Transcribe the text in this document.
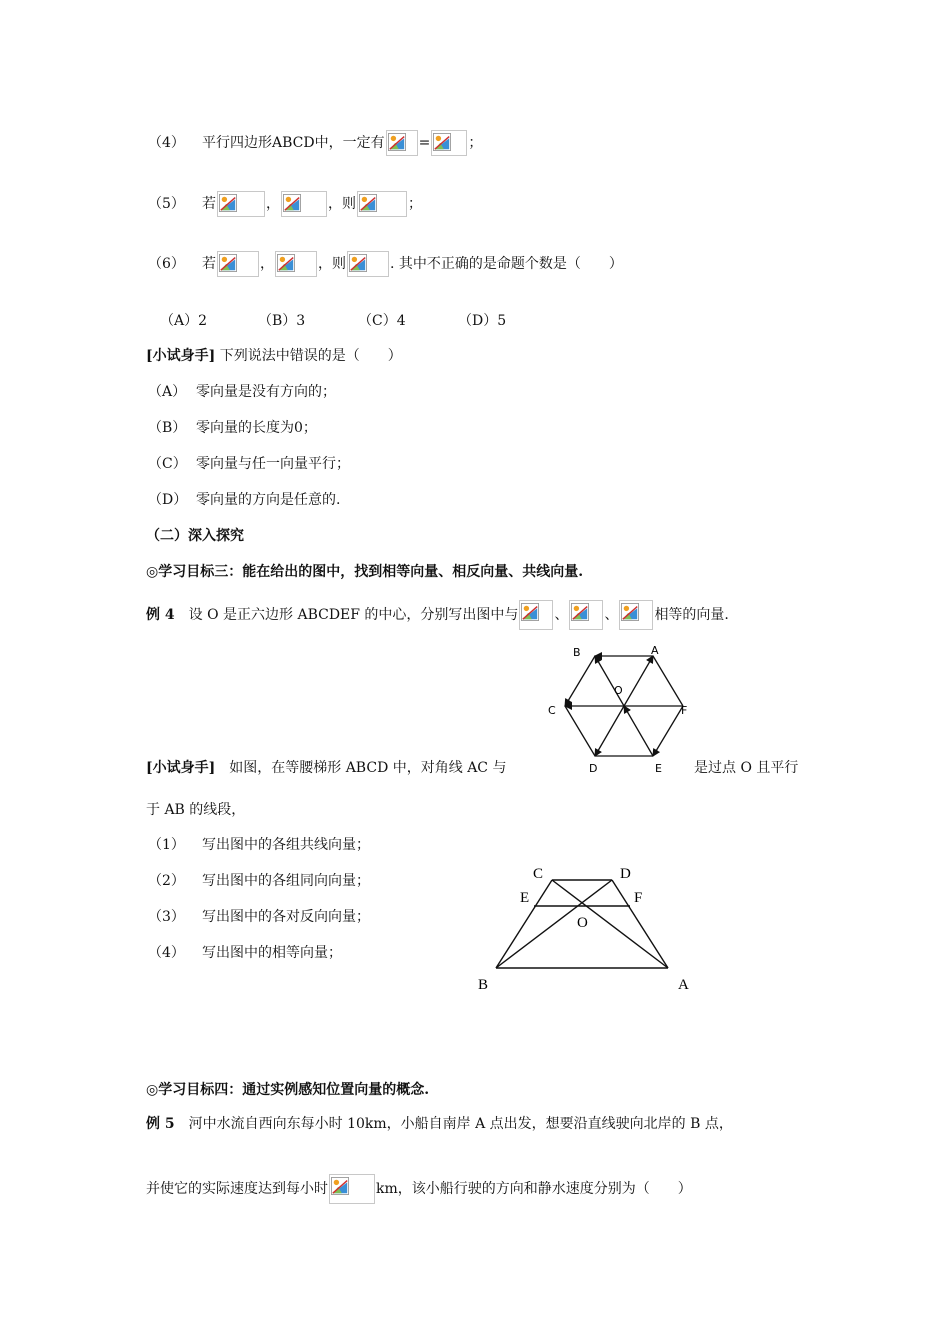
（4） 平行四边形ABCD中，一定有 =	；
（5） 若	，	，则	；
（6） 若	，	，则	. 其中不正确的是命题个数是（　　）
（A）2	（B）3	（C）4	（D）5
[小试身手] 下列说法中错误的是（　　）
（A） 零向量是没有方向的；
（B） 零向量的长度为0；
（C） 零向量与任一向量平行；
（D） 零向量的方向是任意的.
（二）深入探究
◎学习目标三：能在给出的图中，找到相等向量、相反向量、共线向量.
例 4　 设 O 是正六边形 ABCDEF 的中心，分别写出图中与	、	、	相等的向量.
B	A
O
C	F
D	E
[小试身手]　 如图，在等腰梯形 ABCD 中，对角线 AC 与	是过点 O 且平行
于 AB 的线段，
（1） 写出图中的各组共线向量；
（2） 写出图中的各组同向向量；
（3） 写出图中的各对反向向量；
（4） 写出图中的相等向量；
C	D
E	F
O
B	A
◎学习目标四：通过实例感知位置向量的概念.
例 5　 河中水流自西向东每小时 10km，小船自南岸 A 点出发，想要沿直线驶向北岸的 B 点，
并使它的实际速度达到每小时	km，该小船行驶的方向和静水速度分别为（　　）
